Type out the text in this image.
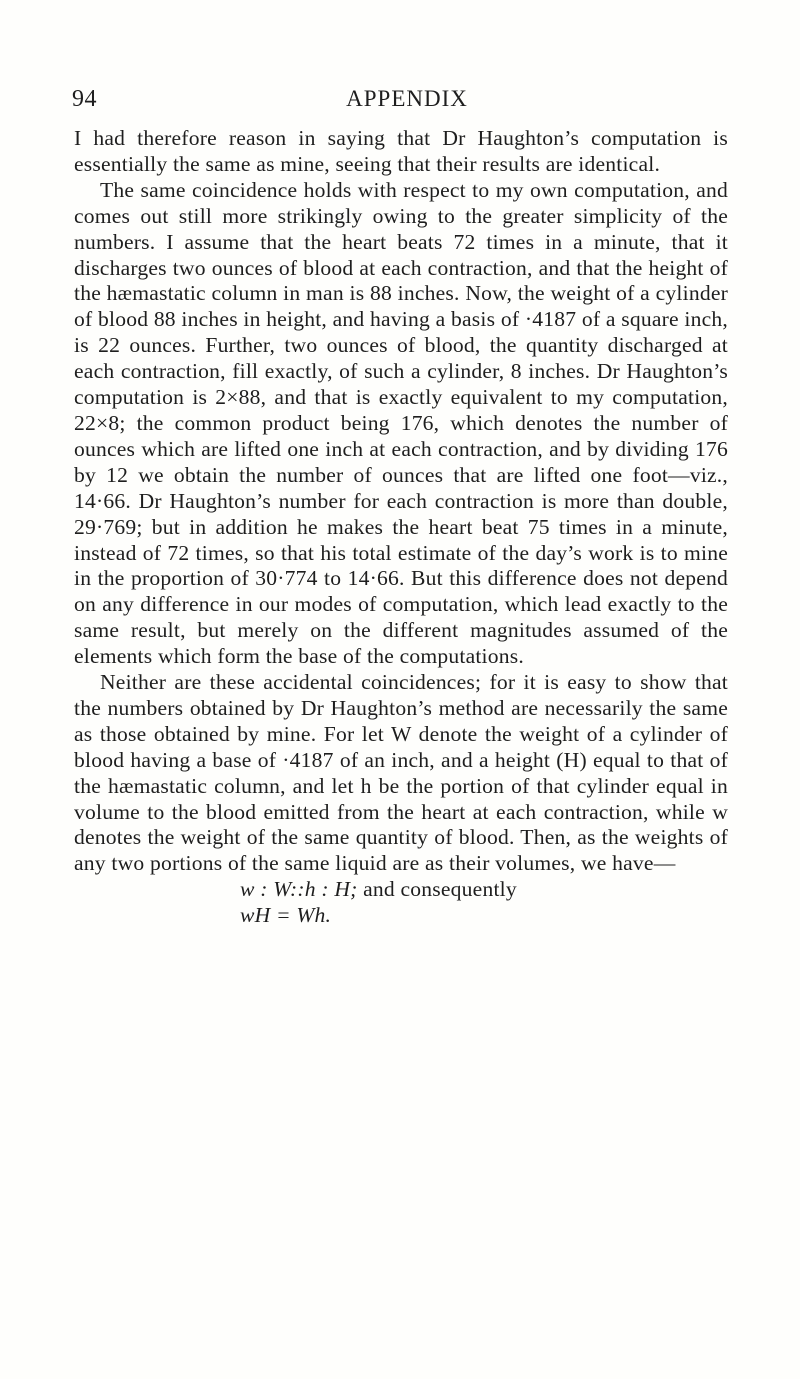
94	APPENDIX

I had therefore reason in saying that Dr Haughton’s computation is essentially the same as mine, seeing that their results are identical.

The same coincidence holds with respect to my own computation, and comes out still more strikingly owing to the greater simplicity of the numbers. I assume that the heart beats 72 times in a minute, that it discharges two ounces of blood at each contraction, and that the height of the hæmastatic column in man is 88 inches. Now, the weight of a cylinder of blood 88 inches in height, and having a basis of ·4187 of a square inch, is 22 ounces. Further, two ounces of blood, the quantity discharged at each contraction, fill exactly, of such a cylinder, 8 inches. Dr Haughton’s computation is 2×88, and that is exactly equivalent to my computation, 22×8; the common product being 176, which denotes the number of ounces which are lifted one inch at each contraction, and by dividing 176 by 12 we obtain the number of ounces that are lifted one foot—viz., 14·66. Dr Haughton’s number for each contraction is more than double, 29·769; but in addition he makes the heart beat 75 times in a minute, instead of 72 times, so that his total estimate of the day’s work is to mine in the proportion of 30·774 to 14·66. But this difference does not depend on any difference in our modes of computation, which lead exactly to the same result, but merely on the different magnitudes assumed of the elements which form the base of the computations.

Neither are these accidental coincidences; for it is easy to show that the numbers obtained by Dr Haughton’s method are necessarily the same as those obtained by mine. For let W denote the weight of a cylinder of blood having a base of ·4187 of an inch, and a height (H) equal to that of the hæmastatic column, and let h be the portion of that cylinder equal in volume to the blood emitted from the heart at each contraction, while w denotes the weight of the same quantity of blood. Then, as the weights of any two portions of the same liquid are as their volumes, we have—

w : W::h : H; and consequently
wH = Wh.
